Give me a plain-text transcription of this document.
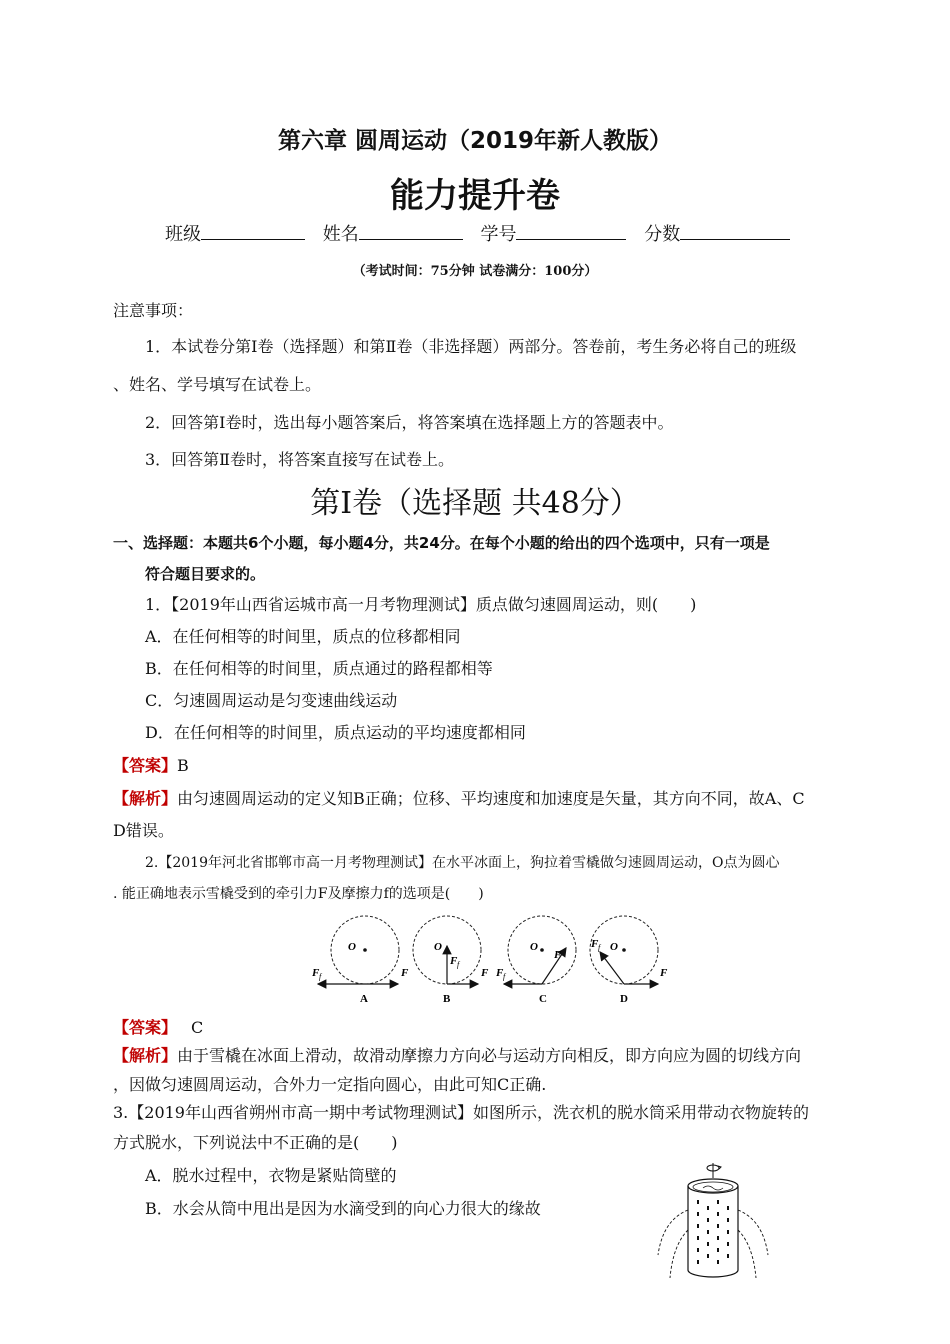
第六章 圆周运动（2019年新人教版）
能力提升卷
班级	姓名	学号	分数
（考试时间：75分钟 试卷满分：100分）
注意事项：
1．本试卷分第Ⅰ卷（选择题）和第Ⅱ卷（非选择题）两部分。答卷前，考生务必将自己的班级
、姓名、学号填写在试卷上。
2．回答第Ⅰ卷时，选出每小题答案后，将答案填在选择题上方的答题表中。
3．回答第Ⅱ卷时，将答案直接写在试卷上。
第Ⅰ卷（选择题 共48分）
一、选择题：本题共6个小题，每小题4分，共24分。在每个小题的给出的四个选项中，只有一项是
符合题目要求的。
1．【2019年山西省运城市高一月考物理测试】质点做匀速圆周运动，则(　　)
A．在任何相等的时间里，质点的位移都相同
B．在任何相等的时间里，质点通过的路程都相等
C．匀速圆周运动是匀变速曲线运动
D．在任何相等的时间里，质点运动的平均速度都相同
【答案】B
【解析】由匀速圆周运动的定义知B正确；位移、平均速度和加速度是矢量，其方向不同，故A、C
D错误。
2.【2019年河北省邯郸市高一月考物理测试】在水平冰面上，狗拉着雪橇做匀速圆周运动，O点为圆心
. 能正确地表示雪橇受到的牵引力F及摩擦力f的选项是(　　)
O
F
F f
A
O
F
F f
B
O
F
F f
C
O
F
F f
D
【答案】 C
【解析】由于雪橇在冰面上滑动，故滑动摩擦力方向必与运动方向相反，即方向应为圆的切线方向
，因做匀速圆周运动，合外力一定指向圆心，由此可知C正确.
3.【2019年山西省朔州市高一期中考试物理测试】如图所示，洗衣机的脱水筒采用带动衣物旋转的
方式脱水，下列说法中不正确的是(　　)
A．脱水过程中，衣物是紧贴筒壁的
B．水会从筒中甩出是因为水滴受到的向心力很大的缘故
